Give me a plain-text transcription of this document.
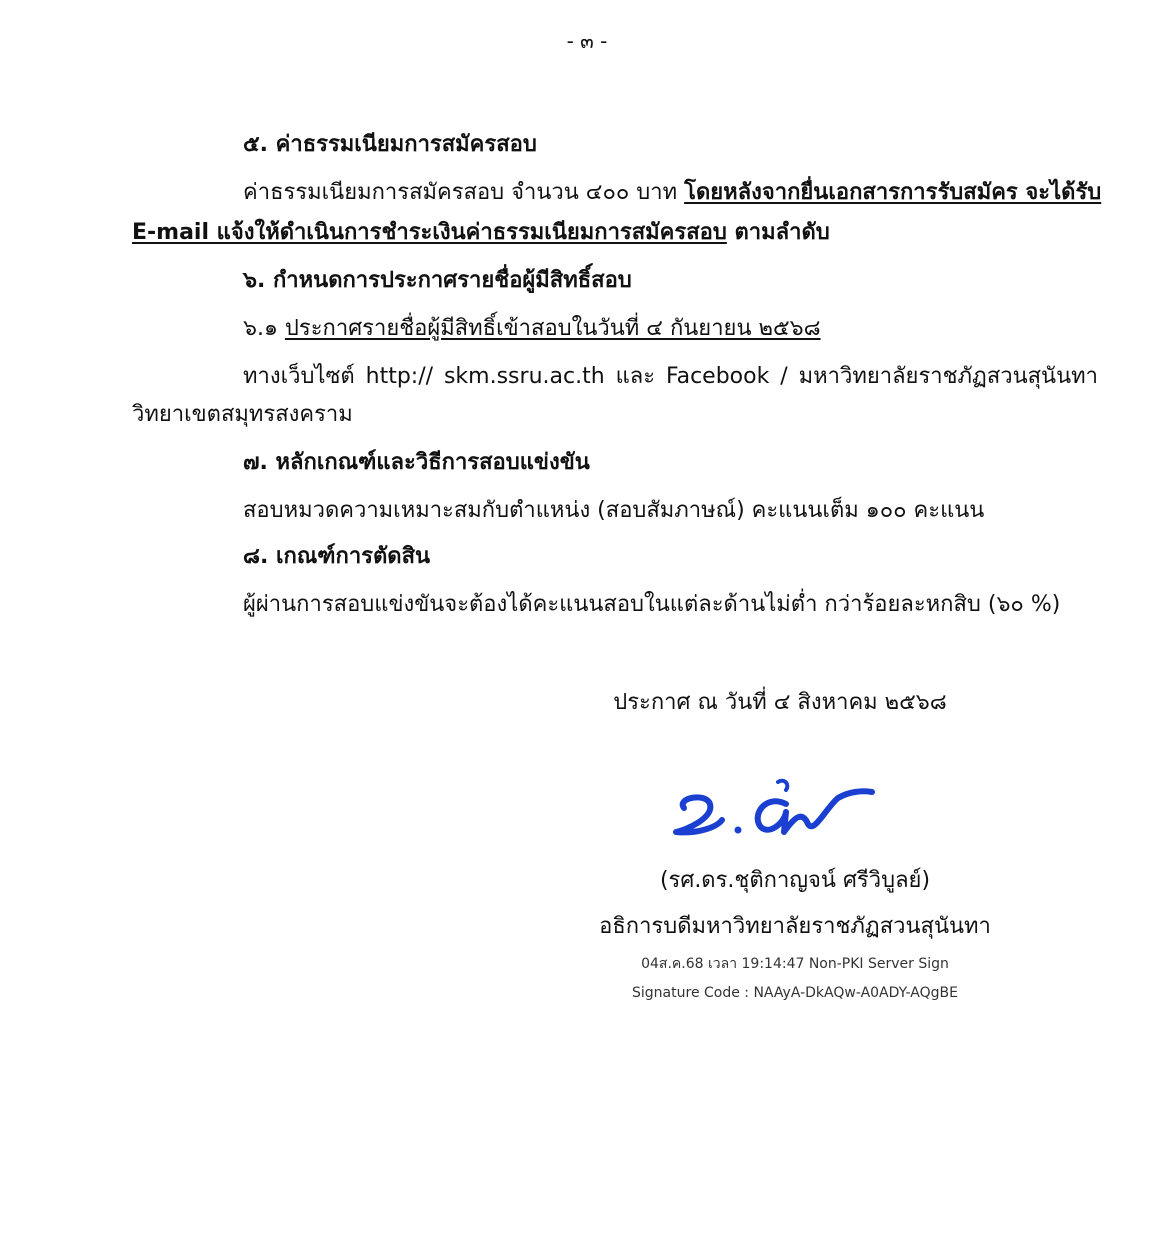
- ๓ -
๕. ค่าธรรมเนียมการสมัครสอบ
ค่าธรรมเนียมการสมัครสอบ จำนวน ๔๐๐ บาท โดยหลังจากยื่นเอกสารการรับสมัคร จะได้รับ
E-mail แจ้งให้ดำเนินการชำระเงินค่าธรรมเนียมการสมัครสอบ ตามลำดับ
๖. กำหนดการประกาศรายชื่อผู้มีสิทธิ์สอบ
๖.๑ ประกาศรายชื่อผู้มีสิทธิ์เข้าสอบในวันที่ ๔ กันยายน ๒๕๖๘
ทางเว็บไซต์ http:// skm.ssru.ac.th และ Facebook / มหาวิทยาลัยราชภัฏสวนสุนันทา
วิทยาเขตสมุทรสงคราม
๗. หลักเกณฑ์และวิธีการสอบแข่งขัน
สอบหมวดความเหมาะสมกับตำแหน่ง (สอบสัมภาษณ์) คะแนนเต็ม ๑๐๐ คะแนน
๘. เกณฑ์การตัดสิน
ผู้ผ่านการสอบแข่งขันจะต้องได้คะแนนสอบในแต่ละด้านไม่ต่ำ กว่าร้อยละหกสิบ (๖๐ %)
ประกาศ ณ วันที่ ๔ สิงหาคม ๒๕๖๘
(รศ.ดร.ชุติกาญจน์ ศรีวิบูลย์)
อธิการบดีมหาวิทยาลัยราชภัฏสวนสุนันทา
04ส.ค.68 เวลา 19:14:47 Non-PKI Server Sign
Signature Code : NAAyA-DkAQw-A0ADY-AQgBE
